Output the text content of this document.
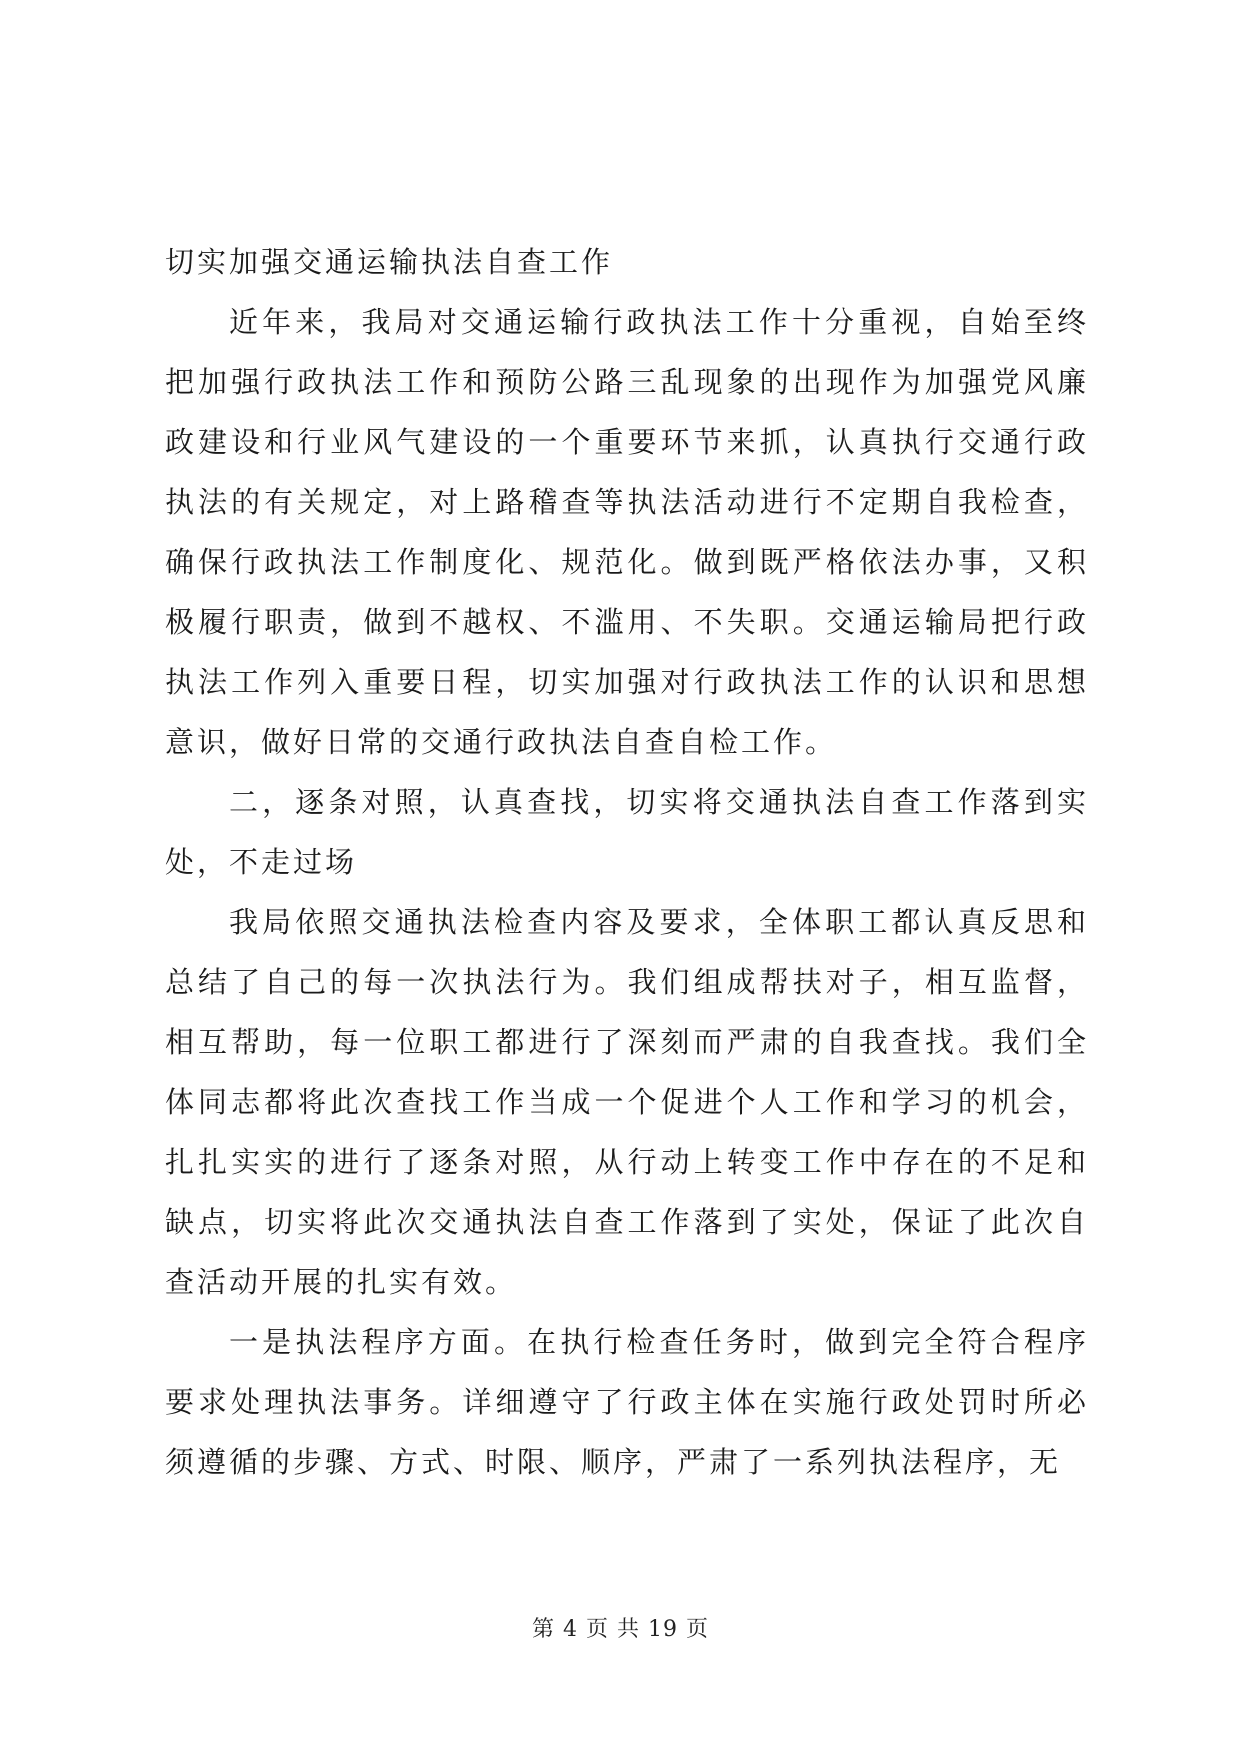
切实加强交通运输执法自查工作

近年来，我局对交通运输行政执法工作十分重视，自始至终把加强行政执法工作和预防公路三乱现象的出现作为加强党风廉政建设和行业风气建设的一个重要环节来抓，认真执行交通行政执法的有关规定，对上路稽查等执法活动进行不定期自我检查，确保行政执法工作制度化、规范化。做到既严格依法办事，又积极履行职责，做到不越权、不滥用、不失职。交通运输局把行政执法工作列入重要日程，切实加强对行政执法工作的认识和思想意识，做好日常的交通行政执法自查自检工作。

二，逐条对照，认真查找，切实将交通执法自查工作落到实处，不走过场

我局依照交通执法检查内容及要求，全体职工都认真反思和总结了自己的每一次执法行为。我们组成帮扶对子，相互监督，相互帮助，每一位职工都进行了深刻而严肃的自我查找。我们全体同志都将此次查找工作当成一个促进个人工作和学习的机会，扎扎实实的进行了逐条对照，从行动上转变工作中存在的不足和缺点，切实将此次交通执法自查工作落到了实处，保证了此次自查活动开展的扎实有效。

一是执法程序方面。在执行检查任务时，做到完全符合程序要求处理执法事务。详细遵守了行政主体在实施行政处罚时所必须遵循的步骤、方式、时限、顺序，严肃了一系列执法程序，无

第 4 页 共 19 页
